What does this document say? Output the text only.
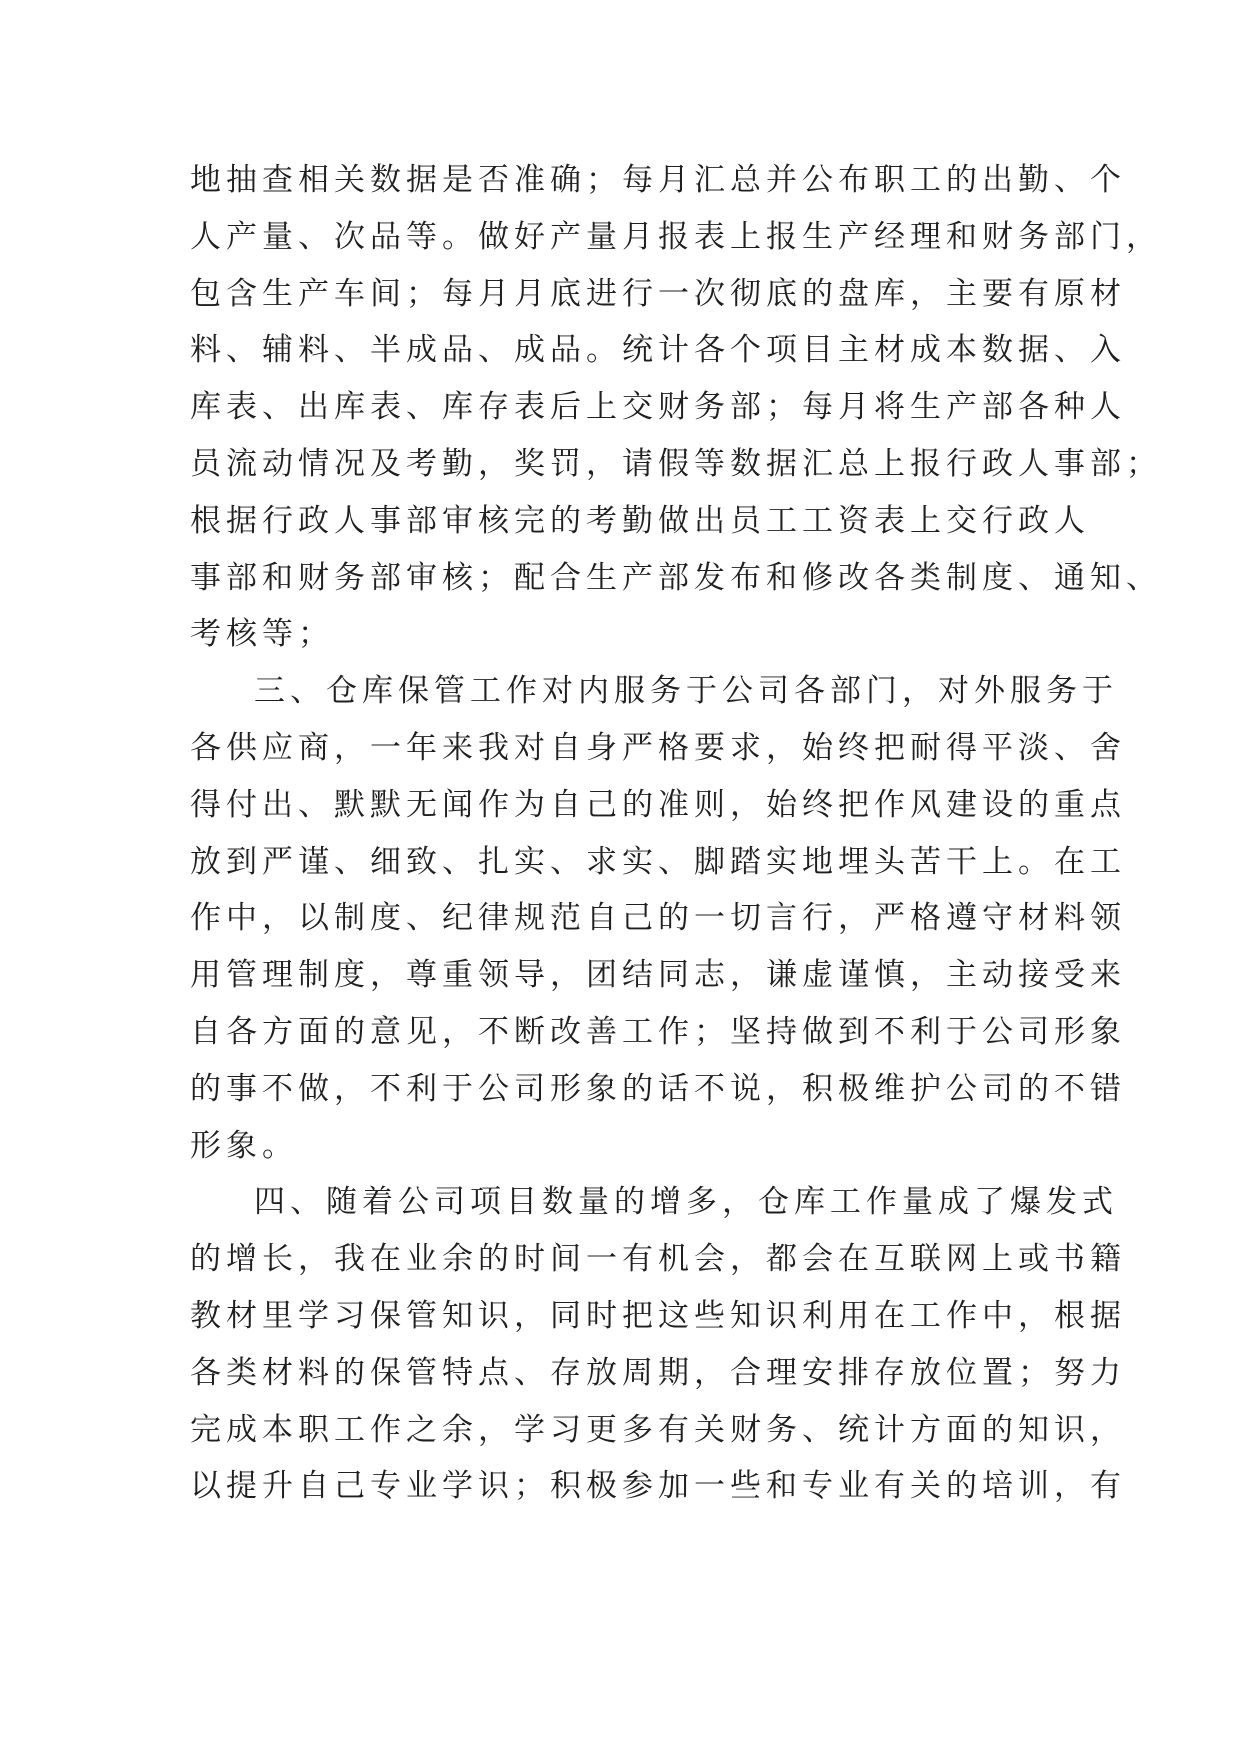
地抽查相关数据是否准确；每月汇总并公布职工的出勤、个
人产量、次品等。做好产量月报表上报生产经理和财务部门，
包含生产车间；每月月底进行一次彻底的盘库，主要有原材
料、辅料、半成品、成品。统计各个项目主材成本数据、入
库表、出库表、库存表后上交财务部；每月将生产部各种人
员流动情况及考勤，奖罚，请假等数据汇总上报行政人事部；
根据行政人事部审核完的考勤做出员工工资表上交行政人
事部和财务部审核；配合生产部发布和修改各类制度、通知、
考核等；
三、仓库保管工作对内服务于公司各部门，对外服务于
各供应商，一年来我对自身严格要求，始终把耐得平淡、舍
得付出、默默无闻作为自己的准则，始终把作风建设的重点
放到严谨、细致、扎实、求实、脚踏实地埋头苦干上。在工
作中，以制度、纪律规范自己的一切言行，严格遵守材料领
用管理制度，尊重领导，团结同志，谦虚谨慎，主动接受来
自各方面的意见，不断改善工作；坚持做到不利于公司形象
的事不做，不利于公司形象的话不说，积极维护公司的不错
形象。
四、随着公司项目数量的增多，仓库工作量成了爆发式
的增长，我在业余的时间一有机会，都会在互联网上或书籍
教材里学习保管知识，同时把这些知识利用在工作中，根据
各类材料的保管特点、存放周期，合理安排存放位置；努力
完成本职工作之余，学习更多有关财务、统计方面的知识，
以提升自己专业学识；积极参加一些和专业有关的培训，有
